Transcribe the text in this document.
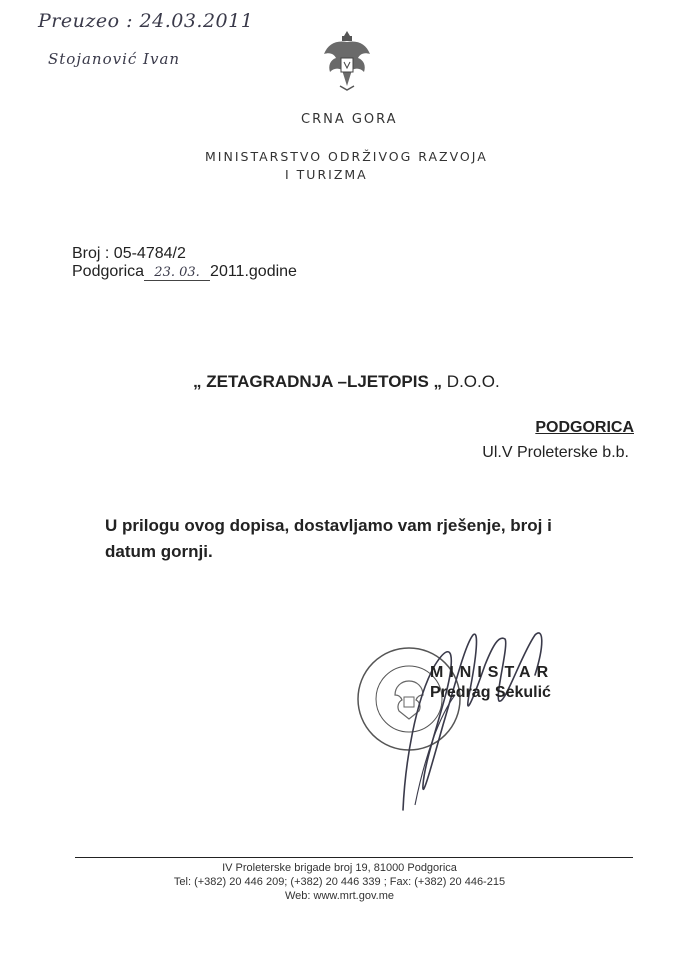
Preuzeo : 24.03.2011
Stojanović Ivan
CRNA GORA
MINISTARSTVO ODRŽIVOG RAZVOJA
I TURIZMA
Broj : 05-4784/2
Podgorica 23. 03. 2011.godine
„ ZETAGRADNJA –LJETOPIS „ D.O.O.
PODGORICA
Ul.V Proleterske b.b.
U prilogu ovog dopisa, dostavljamo vam rješenje, broj i datum gornji.
MINISTAR
Predrag Sekulić
IV Proleterske brigade broj 19, 81000 Podgorica
Tel: (+382) 20 446 209; (+382) 20 446 339 ; Fax: (+382) 20 446-215
Web: www.mrt.gov.me
